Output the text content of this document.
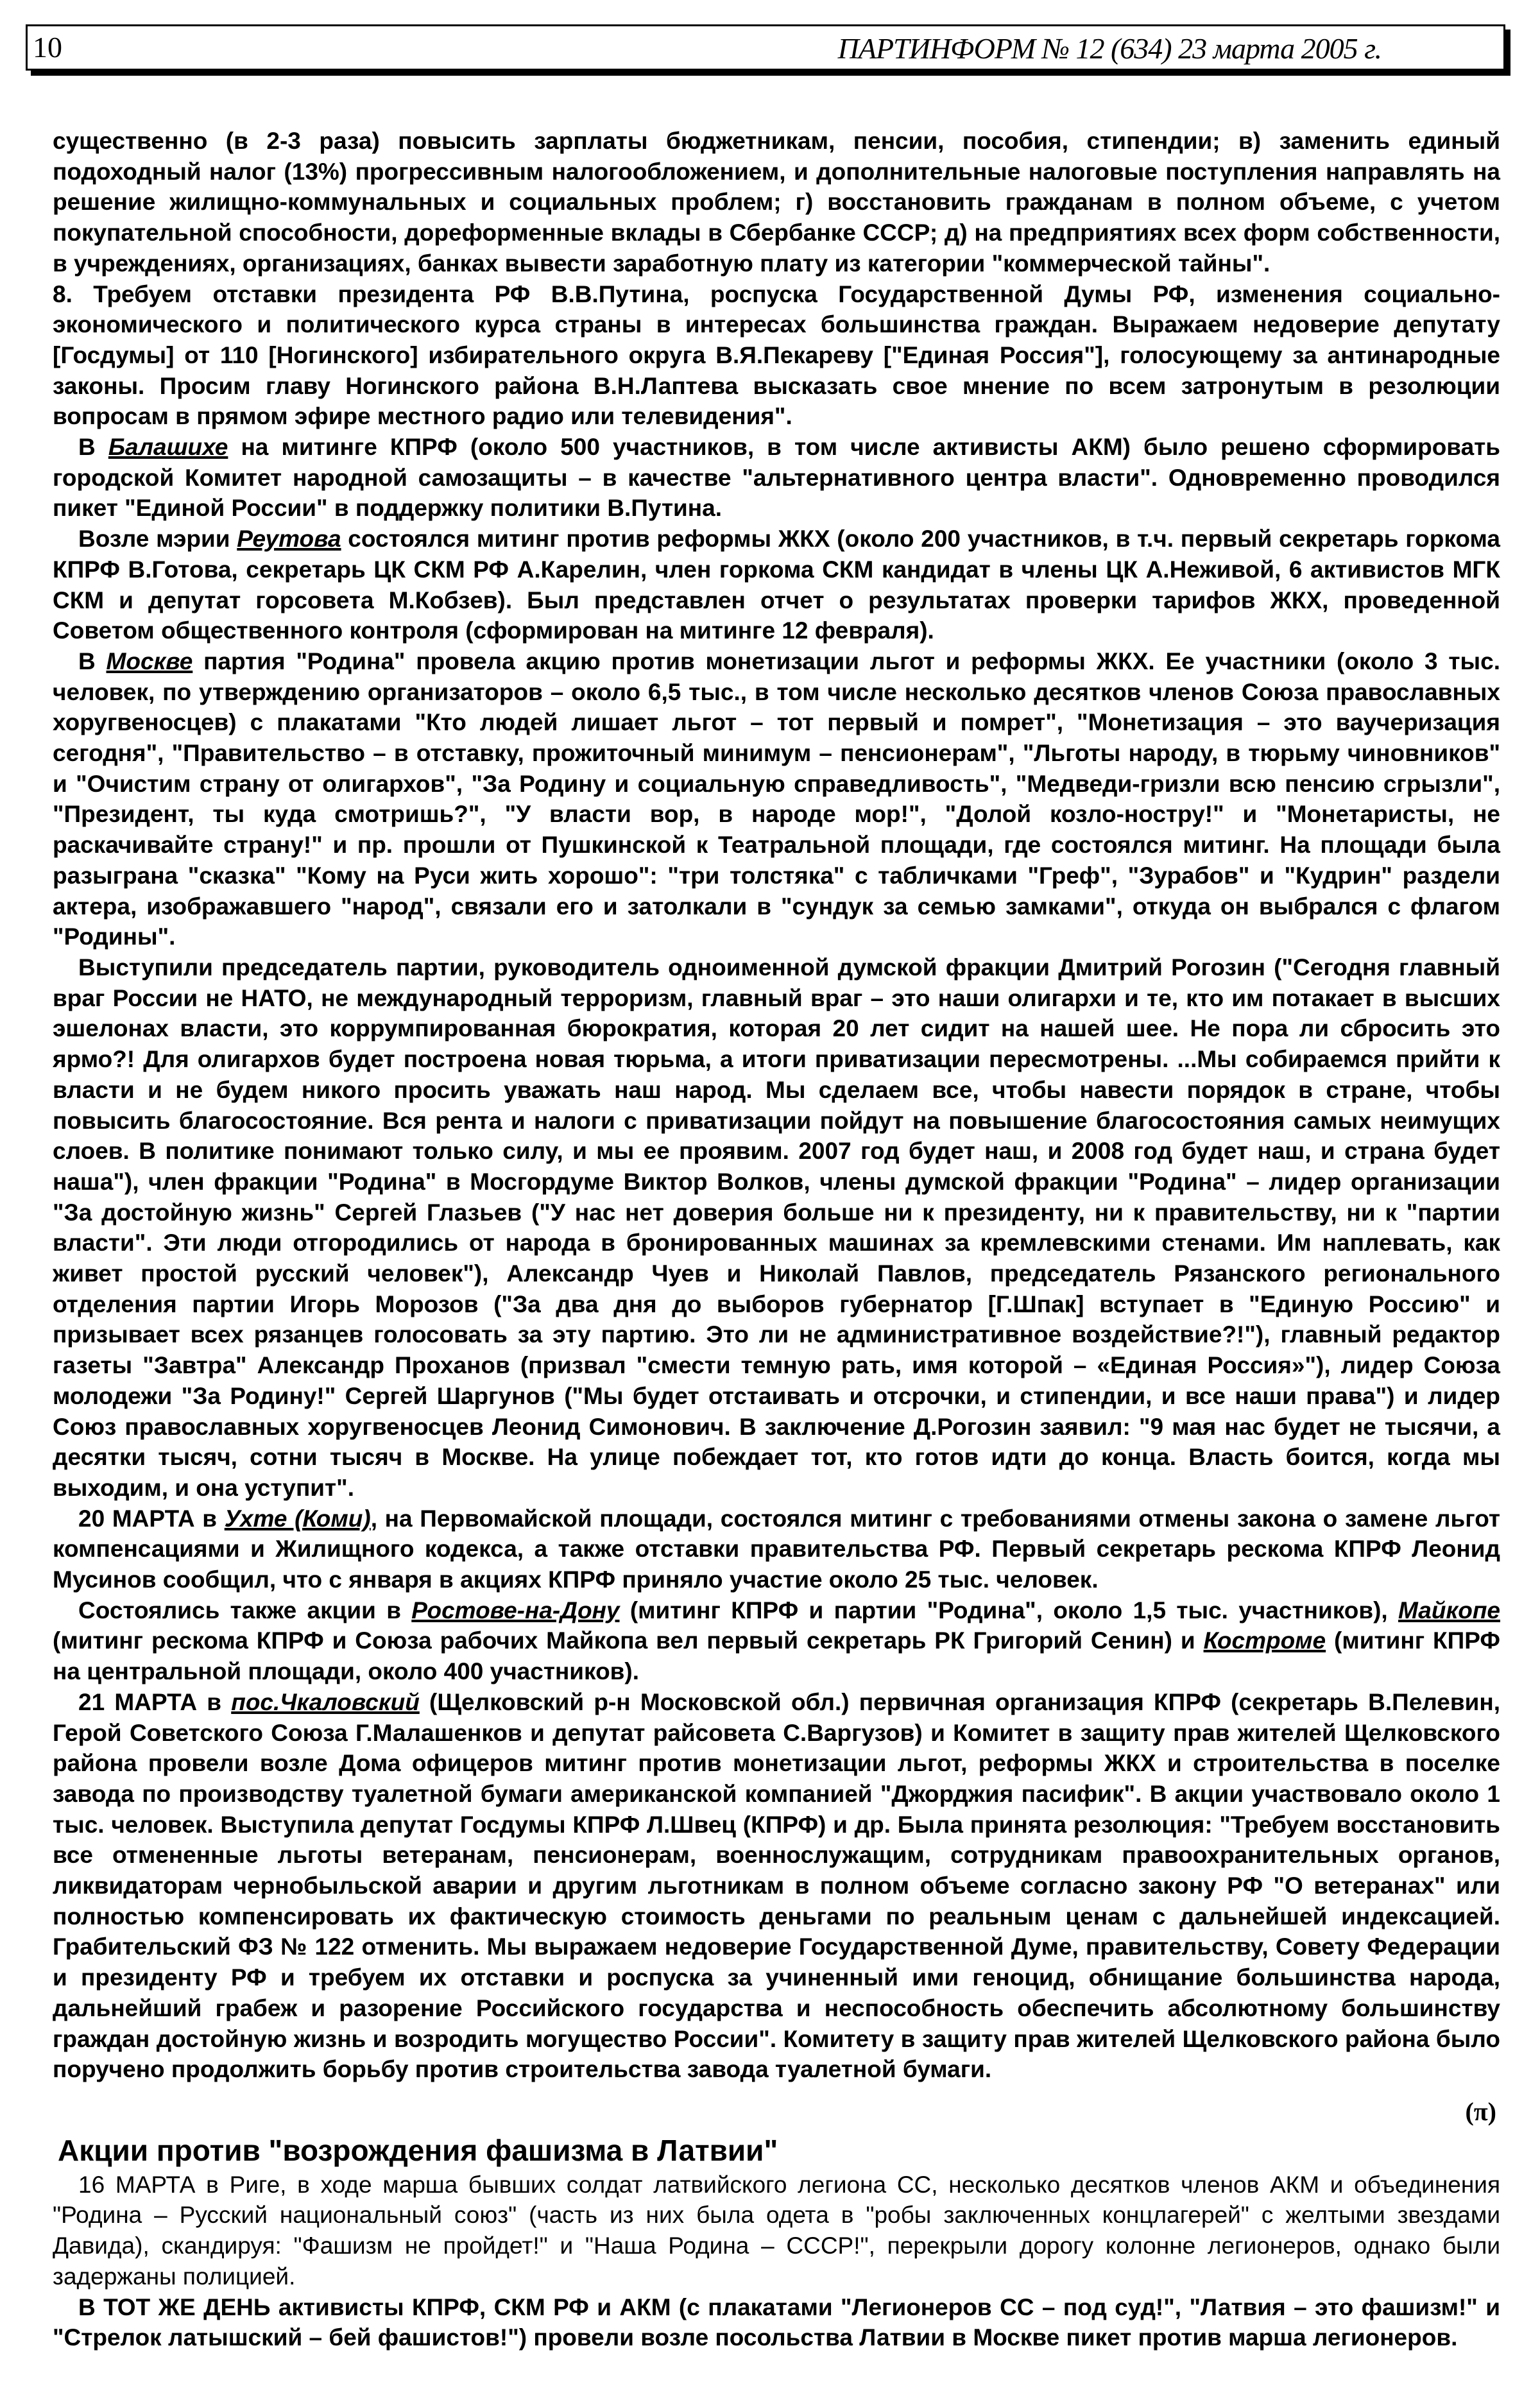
10	ПАРТИНФОРМ № 12 (634) 23 марта 2005 г.

существенно (в 2-3 раза) повысить зарплаты бюджетникам, пенсии, пособия, стипендии; в) заменить единый подоходный налог (13%) прогрессивным налогообложением, и дополнительные налоговые поступления направлять на решение жилищно-коммунальных и социальных проблем; г) восстановить гражданам в полном объеме, с учетом покупательной способности, дореформенные вклады в Сбербанке СССР; д) на предприятиях всех форм собственности, в учреждениях, организациях, банках вывести заработную плату из категории "коммерческой тайны".

8. Требуем отставки президента РФ В.В.Путина, роспуска Государственной Думы РФ, изменения социально-экономического и политического курса страны в интересах большинства граждан. Выражаем недоверие депутату [Госдумы] от 110 [Ногинского] избирательного округа В.Я.Пекареву ["Единая Россия"], голосующему за антинародные законы. Просим главу Ногинского района В.Н.Лаптева высказать свое мнение по всем затронутым в резолюции вопросам в прямом эфире местного радио или телевидения".

В Балашихе на митинге КПРФ (около 500 участников, в том числе активисты АКМ) было решено сформировать городской Комитет народной самозащиты – в качестве "альтернативного центра власти". Одновременно проводился пикет "Единой России" в поддержку политики В.Путина.

Возле мэрии Реутова состоялся митинг против реформы ЖКХ (около 200 участников, в т.ч. первый секретарь горкома КПРФ В.Готова, секретарь ЦК СКМ РФ А.Карелин, член горкома СКМ кандидат в члены ЦК А.Неживой, 6 активистов МГК СКМ и депутат горсовета М.Кобзев). Был представлен отчет о результатах проверки тарифов ЖКХ, проведенной Советом общественного контроля (сформирован на митинге 12 февраля).

В Москве партия "Родина" провела акцию против монетизации льгот и реформы ЖКХ. Ее участники (около 3 тыс. человек, по утверждению организаторов – около 6,5 тыс., в том числе несколько десятков членов Союза православных хоругвеносцев) с плакатами "Кто людей лишает льгот – тот первый и помрет", "Монетизация – это ваучеризация сегодня", "Правительство – в отставку, прожиточный минимум – пенсионерам", "Льготы народу, в тюрьму чиновников" и "Очистим страну от олигархов", "За Родину и социальную справедливость", "Медведи-гризли всю пенсию сгрызли", "Президент, ты куда смотришь?", "У власти вор, в народе мор!", "Долой козло-ностру!" и "Монетаристы, не раскачивайте страну!" и пр. прошли от Пушкинской к Театральной площади, где состоялся митинг. На площади была разыграна "сказка" "Кому на Руси жить хорошо": "три толстяка" с табличками "Греф", "Зурабов" и "Кудрин" раздели актера, изображавшего "народ", связали его и затолкали в "сундук за семью замками", откуда он выбрался с флагом "Родины".

Выступили председатель партии, руководитель одноименной думской фракции Дмитрий Рогозин ("Сегодня главный враг России не НАТО, не международный терроризм, главный враг – это наши олигархи и те, кто им потакает в высших эшелонах власти, это коррумпированная бюрократия, которая 20 лет сидит на нашей шее. Не пора ли сбросить это ярмо?! Для олигархов будет построена новая тюрьма, а итоги приватизации пересмотрены. ...Мы собираемся прийти к власти и не будем никого просить уважать наш народ. Мы сделаем все, чтобы навести порядок в стране, чтобы повысить благосостояние. Вся рента и налоги с приватизации пойдут на повышение благосостояния самых неимущих слоев. В политике понимают только силу, и мы ее проявим. 2007 год будет наш, и 2008 год будет наш, и страна будет наша"), член фракции "Родина" в Мосгордуме Виктор Волков, члены думской фракции "Родина" – лидер организации "За достойную жизнь" Сергей Глазьев ("У нас нет доверия больше ни к президенту, ни к правительству, ни к "партии власти". Эти люди отгородились от народа в бронированных машинах за кремлевскими стенами. Им наплевать, как живет простой русский человек"), Александр Чуев и Николай Павлов, председатель Рязанского регионального отделения партии Игорь Морозов ("За два дня до выборов губернатор [Г.Шпак] вступает в "Единую Россию" и призывает всех рязанцев голосовать за эту партию. Это ли не административное воздействие?!"), главный редактор газеты "Завтра" Александр Проханов (призвал "смести темную рать, имя которой – «Единая Россия»"), лидер Союза молодежи "За Родину!" Сергей Шаргунов ("Мы будет отстаивать и отсрочки, и стипендии, и все наши права") и лидер Союз православных хоругвеносцев Леонид Симонович. В заключение Д.Рогозин заявил: "9 мая нас будет не тысячи, а десятки тысяч, сотни тысяч в Москве. На улице побеждает тот, кто готов идти до конца. Власть боится, когда мы выходим, и она уступит".

20 МАРТА в Ухте (Коми), на Первомайской площади, состоялся митинг с требованиями отмены закона о замене льгот компенсациями и Жилищного кодекса, а также отставки правительства РФ. Первый секретарь рескома КПРФ Леонид Мусинов сообщил, что с января в акциях КПРФ приняло участие около 25 тыс. человек.

Состоялись также акции в Ростове-на-Дону (митинг КПРФ и партии "Родина", около 1,5 тыс. участников), Майкопе (митинг рескома КПРФ и Союза рабочих Майкопа вел первый секретарь РК Григорий Сенин) и Костроме (митинг КПРФ на центральной площади, около 400 участников).

21 МАРТА в пос.Чкаловский (Щелковский р-н Московской обл.) первичная организация КПРФ (секретарь В.Пелевин, Герой Советского Союза Г.Малашенков и депутат райсовета С.Варгузов) и Комитет в защиту прав жителей Щелковского района провели возле Дома офицеров митинг против монетизации льгот, реформы ЖКХ и строительства в поселке завода по производству туалетной бумаги американской компанией "Джорджия пасифик". В акции участвовало около 1 тыс. человек. Выступила депутат Госдумы КПРФ Л.Швец (КПРФ) и др. Была принята резолюция: "Требуем восстановить все отмененные льготы ветеранам, пенсионерам, военнослужащим, сотрудникам правоохранительных органов, ликвидаторам чернобыльской аварии и другим льготникам в полном объеме согласно закону РФ "О ветеранах" или полностью компенсировать их фактическую стоимость деньгами по реальным ценам с дальнейшей индексацией. Грабительский ФЗ № 122 отменить. Мы выражаем недоверие Государственной Думе, правительству, Совету Федерации и президенту РФ и требуем их отставки и роспуска за учиненный ими геноцид, обнищание большинства народа, дальнейший грабеж и разорение Российского государства и неспособность обеспечить абсолютному большинству граждан достойную жизнь и возродить могущество России". Комитету в защиту прав жителей Щелковского района было поручено продолжить борьбу против строительства завода туалетной бумаги.

(π)

Акции против "возрождения фашизма в Латвии"

16 МАРТА в Риге, в ходе марша бывших солдат латвийского легиона СС, несколько десятков членов АКМ и объединения "Родина – Русский национальный союз" (часть из них была одета в "робы заключенных концлагерей" с желтыми звездами Давида), скандируя: "Фашизм не пройдет!" и "Наша Родина – СССР!", перекрыли дорогу колонне легионеров, однако были задержаны полицией.

В ТОТ ЖЕ ДЕНЬ активисты КПРФ, СКМ РФ и АКМ (с плакатами "Легионеров СС – под суд!", "Латвия – это фашизм!" и "Стрелок латышский – бей фашистов!") провели возле посольства Латвии в Москве пикет против марша легионеров.
